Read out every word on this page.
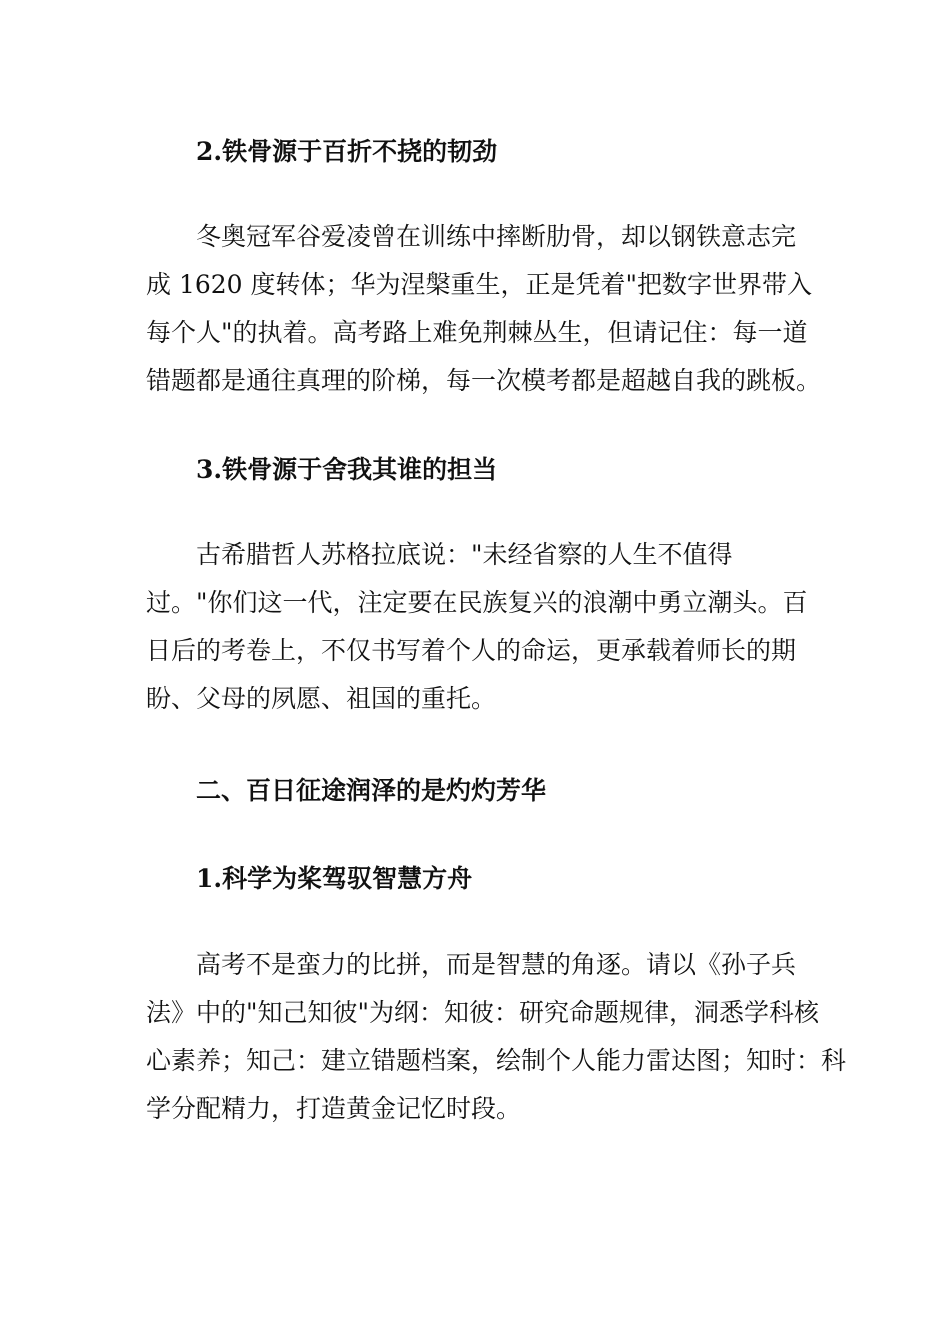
2.铁骨源于百折不挠的韧劲
冬奥冠军谷爱凌曾在训练中摔断肋骨，却以钢铁意志完
成 1620 度转体；华为涅槃重生，正是凭着"把数字世界带入
每个人"的执着。高考路上难免荆棘丛生，但请记住：每一道
错题都是通往真理的阶梯，每一次模考都是超越自我的跳板。
3.铁骨源于舍我其谁的担当
古希腊哲人苏格拉底说："未经省察的人生不值得
过。"你们这一代，注定要在民族复兴的浪潮中勇立潮头。百
日后的考卷上，不仅书写着个人的命运，更承载着师长的期
盼、父母的夙愿、祖国的重托。
二、百日征途润泽的是灼灼芳华
1.科学为桨驾驭智慧方舟
高考不是蛮力的比拼，而是智慧的角逐。请以《孙子兵
法》中的"知己知彼"为纲：知彼：研究命题规律，洞悉学科核
心素养；知己：建立错题档案，绘制个人能力雷达图；知时：科
学分配精力，打造黄金记忆时段。
